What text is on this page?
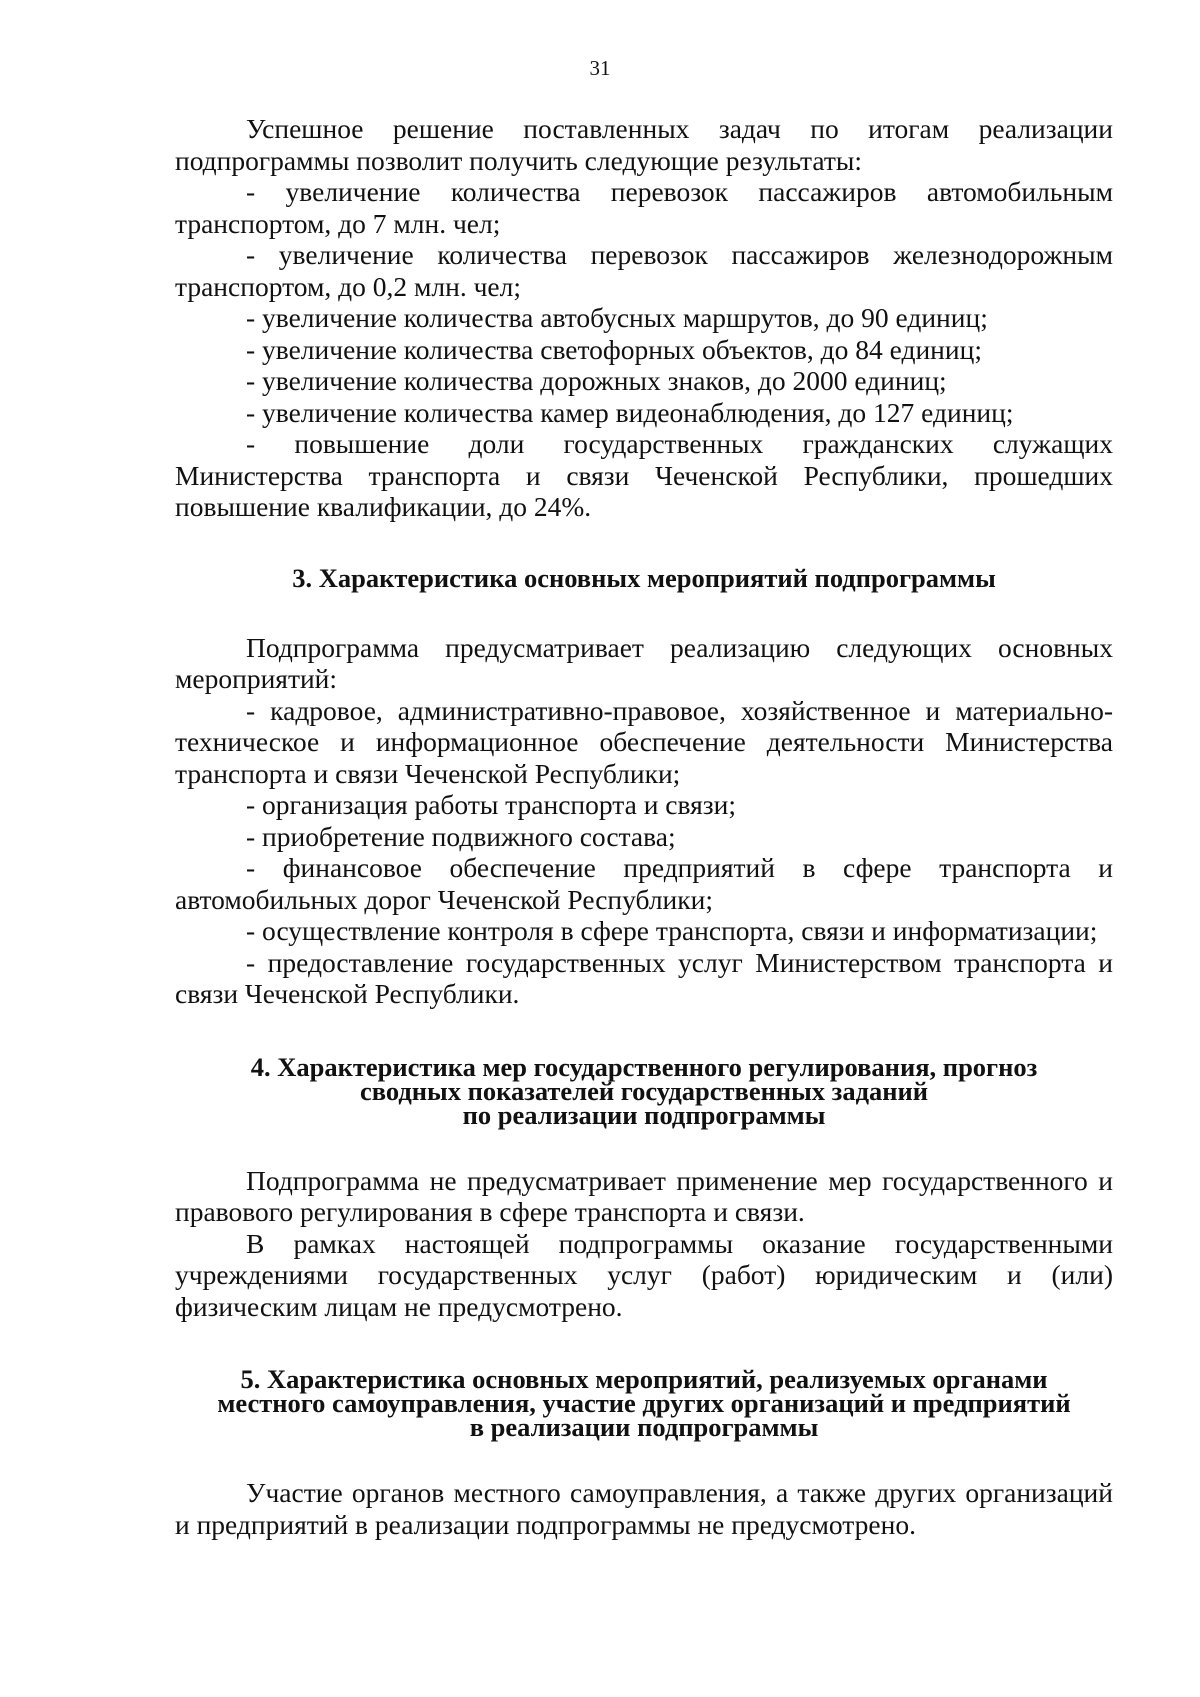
31

Успешное решение поставленных задач по итогам реализации подпрограммы позволит получить следующие результаты:

- увеличение количества перевозок пассажиров автомобильным транспортом, до 7 млн. чел;

- увеличение количества перевозок пассажиров железнодорожным транспортом, до 0,2 млн. чел;

- увеличение количества автобусных маршрутов, до 90 единиц;

- увеличение количества светофорных объектов, до 84 единиц;

- увеличение количества дорожных знаков, до 2000 единиц;

- увеличение количества камер видеонаблюдения, до 127 единиц;

- повышение доли государственных гражданских служащих Министерства транспорта и связи Чеченской Республики, прошедших повышение квалификации, до 24%.

3. Характеристика основных мероприятий подпрограммы

Подпрограмма предусматривает реализацию следующих основных мероприятий:

- кадровое, административно-правовое, хозяйственное и материально-техническое и информационное обеспечение деятельности Министерства транспорта и связи Чеченской Республики;

- организация работы транспорта и связи;

- приобретение подвижного состава;

- финансовое обеспечение предприятий в сфере транспорта и автомобильных дорог Чеченской Республики;

- осуществление контроля в сфере транспорта, связи и информатизации;

- предоставление государственных услуг Министерством транспорта и связи Чеченской Республики.

4. Характеристика мер государственного регулирования, прогноз
сводных показателей государственных заданий
по реализации подпрограммы

Подпрограмма не предусматривает применение мер государственного и правового регулирования в сфере транспорта и связи.

В рамках настоящей подпрограммы оказание государственными учреждениями государственных услуг (работ) юридическим и (или) физическим лицам не предусмотрено.

5. Характеристика основных мероприятий, реализуемых органами
местного самоуправления, участие других организаций и предприятий
в реализации подпрограммы

Участие органов местного самоуправления, а также других организаций и предприятий в реализации подпрограммы не предусмотрено.
